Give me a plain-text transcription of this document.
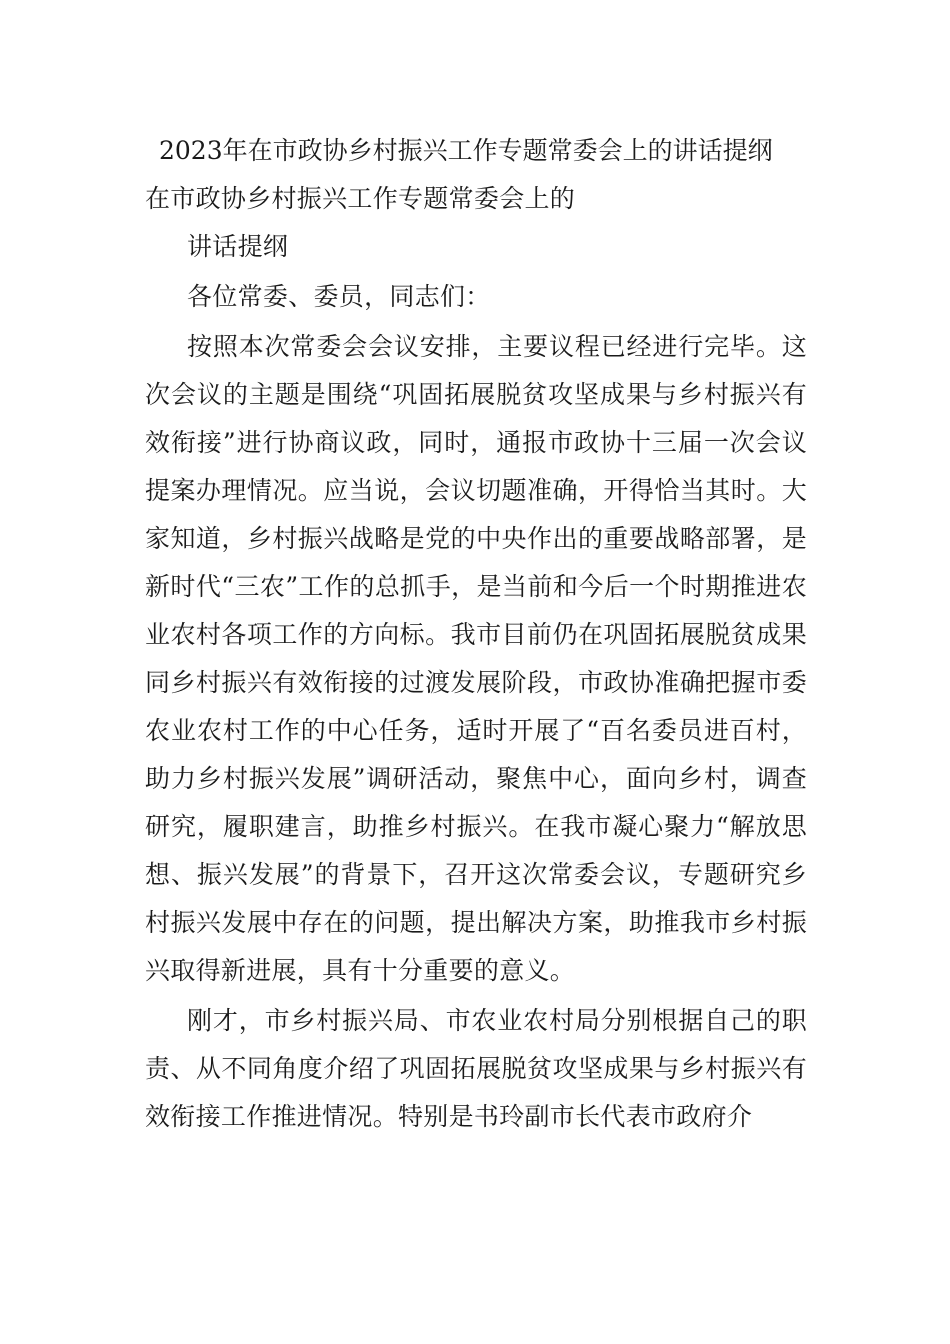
2023年在市政协乡村振兴工作专题常委会上的讲话提纲

在市政协乡村振兴工作专题常委会上的

讲话提纲

各位常委、委员，同志们：

按照本次常委会会议安排，主要议程已经进行完毕。这次会议的主题是围绕“巩固拓展脱贫攻坚成果与乡村振兴有效衔接”进行协商议政，同时，通报市政协十三届一次会议提案办理情况。应当说，会议切题准确，开得恰当其时。大家知道，乡村振兴战略是党的中央作出的重要战略部署，是新时代“三农”工作的总抓手，是当前和今后一个时期推进农业农村各项工作的方向标。我市目前仍在巩固拓展脱贫成果同乡村振兴有效衔接的过渡发展阶段，市政协准确把握市委农业农村工作的中心任务，适时开展了“百名委员进百村，助力乡村振兴发展”调研活动，聚焦中心，面向乡村，调查研究，履职建言，助推乡村振兴。在我市凝心聚力“解放思想、振兴发展”的背景下，召开这次常委会议，专题研究乡村振兴发展中存在的问题，提出解决方案，助推我市乡村振兴取得新进展，具有十分重要的意义。

刚才，市乡村振兴局、市农业农村局分别根据自己的职责、从不同角度介绍了巩固拓展脱贫攻坚成果与乡村振兴有效衔接工作推进情况。特别是书玲副市长代表市政府介
